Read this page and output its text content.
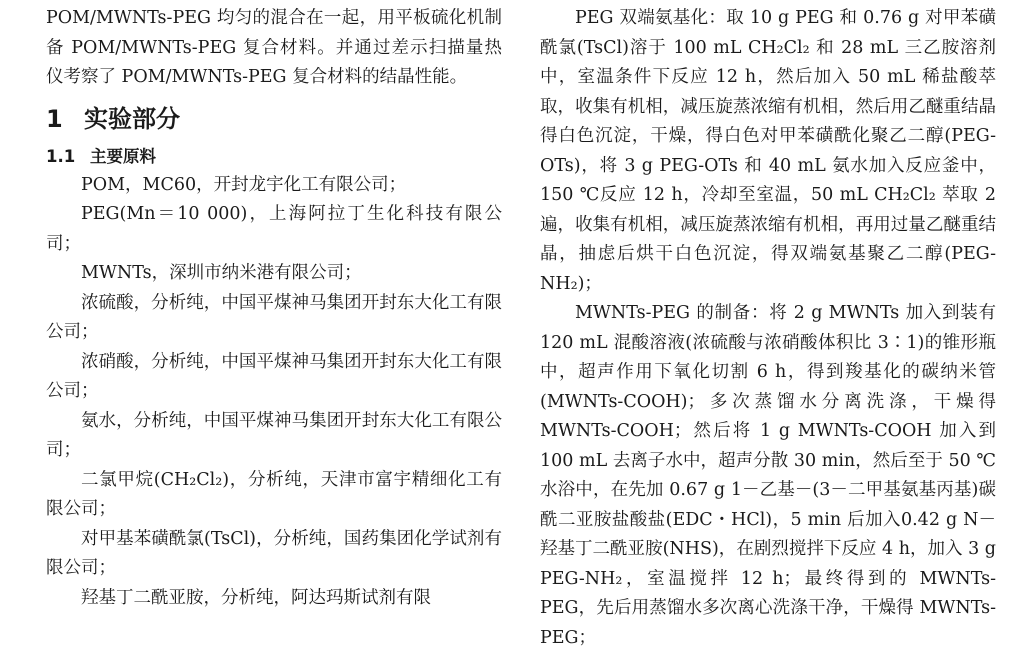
POM/MWNTs-PEG 均匀的混合在一起，用平板硫化机制备 POM/MWNTs-PEG 复合材料。并通过差示扫描量热仪考察了 POM/MWNTs-PEG 复合材料的结晶性能。

1 实验部分
1.1 主要原料

POM，MC60，开封龙宇化工有限公司；

PEG(Mn＝10 000)，上海阿拉丁生化科技有限公司；

MWNTs，深圳市纳米港有限公司；

浓硫酸，分析纯，中国平煤神马集团开封东大化工有限公司；

浓硝酸，分析纯，中国平煤神马集团开封东大化工有限公司；

氨水，分析纯，中国平煤神马集团开封东大化工有限公司；

二氯甲烷(CH₂Cl₂)，分析纯，天津市富宇精细化工有限公司；

对甲基苯磺酰氯(TsCl)，分析纯，国药集团化学试剂有限公司；

羟基丁二酰亚胺，分析纯，阿达玛斯试剂有限

PEG 双端氨基化：取 10 g PEG 和 0.76 g 对甲苯磺酰氯(TsCl)溶于 100 mL CH₂Cl₂ 和 28 mL 三乙胺溶剂中，室温条件下反应 12 h，然后加入 50 mL 稀盐酸萃取，收集有机相，减压旋蒸浓缩有机相，然后用乙醚重结晶得白色沉淀，干燥，得白色对甲苯磺酰化聚乙二醇(PEG-OTs)，将 3 g PEG-OTs 和 40 mL 氨水加入反应釜中，150 ℃反应 12 h，冷却至室温，50 mL CH₂Cl₂ 萃取 2 遍，收集有机相，减压旋蒸浓缩有机相，再用过量乙醚重结晶，抽虑后烘干白色沉淀，得双端氨基聚乙二醇(PEG-NH₂)；

MWNTs-PEG 的制备：将 2 g MWNTs 加入到装有 120 mL 混酸溶液(浓硫酸与浓硝酸体积比 3∶1)的锥形瓶中，超声作用下氧化切割 6 h，得到羧基化的碳纳米管(MWNTs-COOH)；多次蒸馏水分离洗涤，干燥得 MWNTs-COOH；然后将 1 g MWNTs-COOH 加入到 100 mL 去离子水中，超声分散 30 min，然后至于 50 ℃水浴中，在先加 0.67 g 1－乙基－(3－二甲基氨基丙基)碳酰二亚胺盐酸盐(EDC・HCl)，5 min 后加入0.42 g N－羟基丁二酰亚胺(NHS)，在剧烈搅拌下反应 4 h，加入 3 g PEG-NH₂，室温搅拌 12 h；最终得到的 MWNTs-PEG，先后用蒸馏水多次离心洗涤干净，干燥得 MWNTs-PEG；
